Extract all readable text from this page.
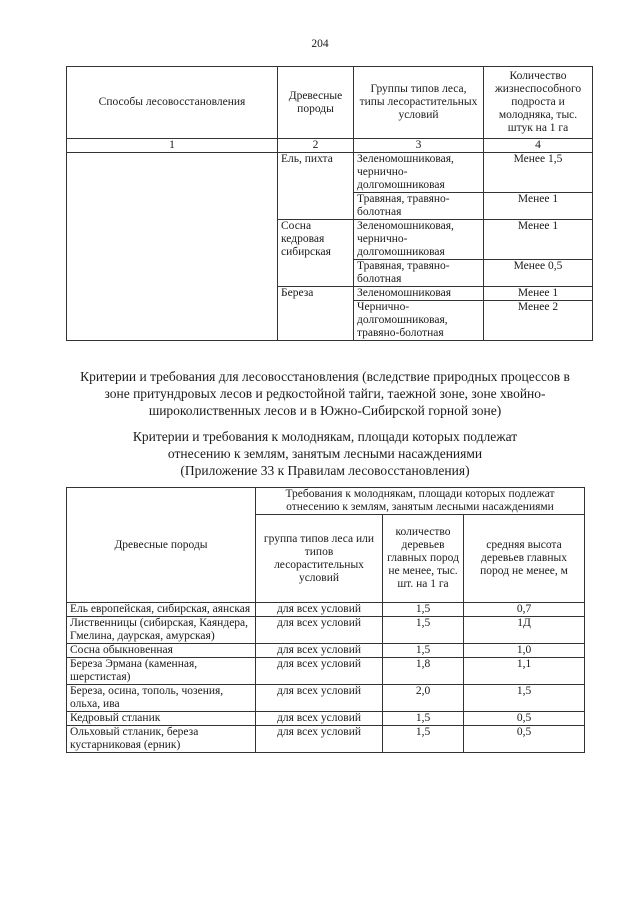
204
Способы лесовосстановления	Древесные породы	Группы типов леса, типы лесорастительных условий	Количество жизнеспособного подроста и молодняка, тыс. штук на 1 га
1	2	3	4
	Ель, пихта	Зеленомошниковая, чернично-долгомошниковая	Менее 1,5
		Травяная, травяно-болотная	Менее 1
	Сосна кедровая сибирская	Зеленомошниковая, чернично-долгомошниковая	Менее 1
		Травяная, травяно-болотная	Менее 0,5
	Береза	Зеленомошниковая	Менее 1
		Чернично-долгомошниковая, травяно-болотная	Менее 2
Критерии и требования для лесовосстановления (вследствие природных процессов в зоне притундровых лесов и редкостойной тайги, таежной зоне, зоне хвойно-широколиственных лесов и в Южно-Сибирской горной зоне)
Критерии и требования к молоднякам, площади которых подлежат
отнесению к землям, занятым лесными насаждениями
(Приложение 33 к Правилам лесовосстановления)
Древесные породы	Требования к молоднякам, площади которых подлежат отнесению к землям, занятым лесными насаждениями		
	группа типов леса или типов лесорастительных условий	количество деревьев главных пород не менее, тыс. шт. на 1 га	средняя высота деревьев главных пород не менее, м
Ель европейская, сибирская, аянская	для всех условий	1,5	0,7
Лиственницы (сибирская, Каяндера, Гмелина, даурская, амурская)	для всех условий	1,5	1Д
Сосна обыкновенная	для всех условий	1,5	1,0
Береза Эрмана (каменная, шерстистая)	для всех условий	1,8	1,1
Береза, осина, тополь, чозения, ольха, ива	для всех условий	2,0	1,5
Кедровый стланик	для всех условий	1,5	0,5
Ольховый стланик, береза кустарниковая (ерник)	для всех условий	1,5	0,5
